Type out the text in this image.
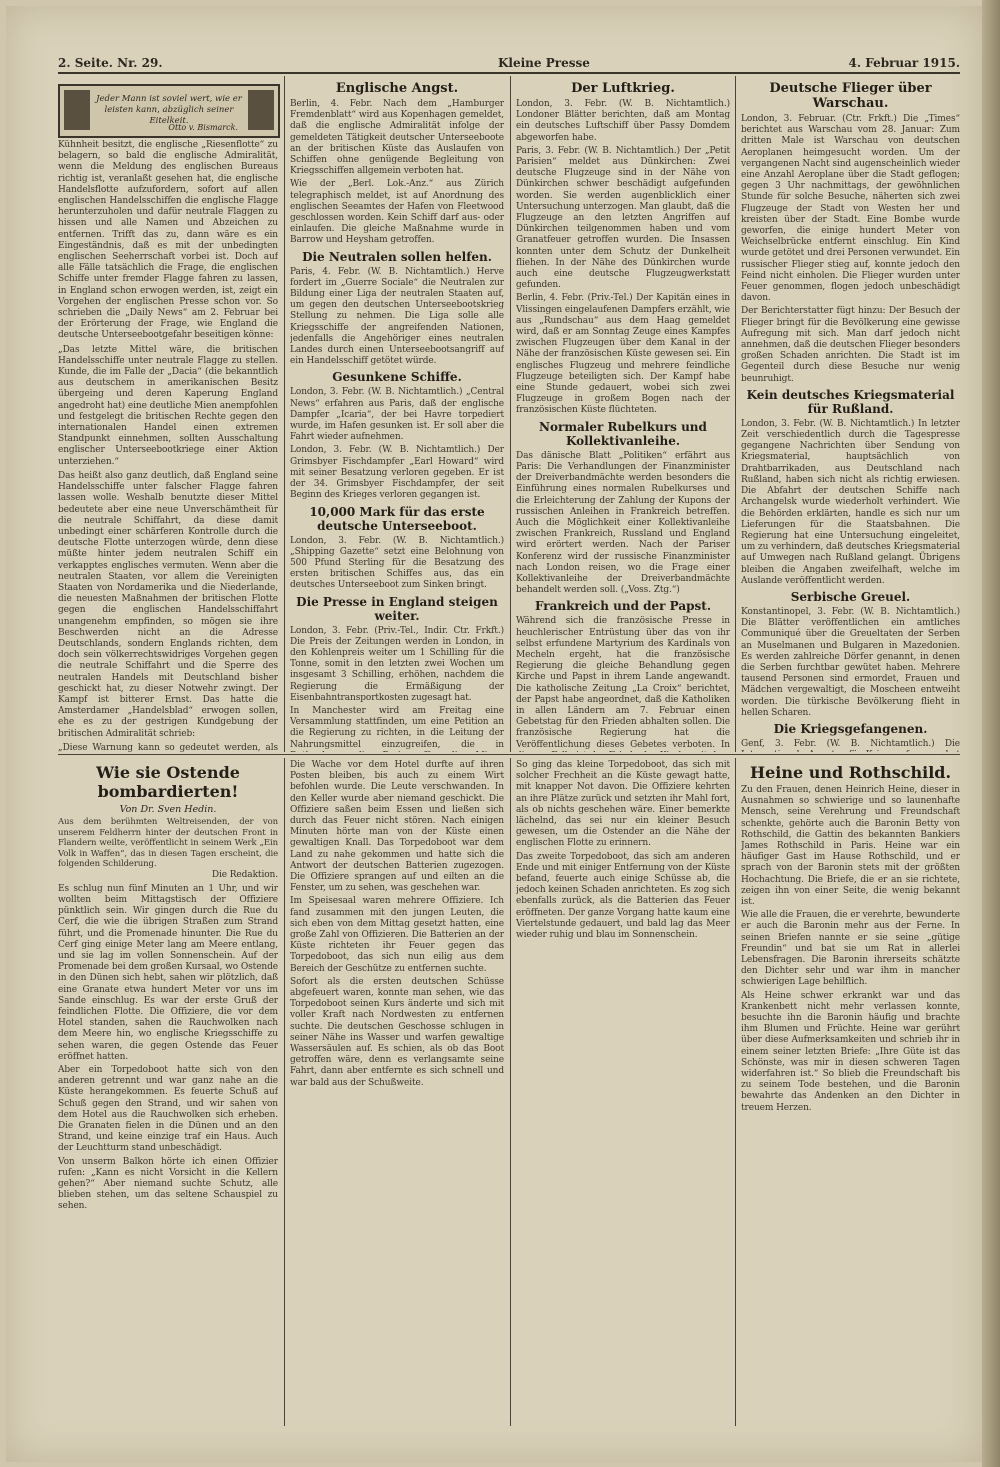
2. Seite. Nr. 29.	Kleine Presse	4. Februar 1915.
Jeder Mann ist soviel wert, wie er leisten kann, abzüglich seiner Eitelkeit.
Otto v. Bismarck.
Kühnheit besitzt, die englische „Riesenflotte“ zu belagern, so bald die englische Admiralität, wenn die Meldung des englischen Bureaus richtig ist, veranlaßt gesehen hat, die englische Handelsflotte aufzufordern, sofort auf allen englischen Handelsschiffen die englische Flagge herunterzuholen und dafür neutrale Flaggen zu hissen und alle Namen und Abzeichen zu entfernen. Trifft das zu, dann wäre es ein Eingeständnis, daß es mit der unbedingten englischen Seeherrschaft vorbei ist. Doch auf alle Fälle tatsächlich die Frage, die englischen Schiffe unter fremder Flagge fahren zu lassen, in England schon erwogen werden, ist, zeigt ein Vorgehen der englischen Presse schon vor. So schrieben die „Daily News“ am 2. Februar bei der Erörterung der Frage, wie England die deutsche Unterseebootgefahr beseitigen könne:
„Das letzte Mittel wäre, die britischen Handelsschiffe unter neutrale Flagge zu stellen. Kunde, die im Falle der „Dacia“ (die bekanntlich aus deutschem in amerikanischen Besitz übergeing und deren Kaperung England angedroht hat) eine deutliche Mien anempfohlen und festgelegt die britischen Rechte gegen den internationalen Handel einen extremen Standpunkt einnehmen, sollten Ausschaltung englischer Unterseebootkriege einer Aktion unterziehen.“
Das heißt also ganz deutlich, daß England seine Handelsschiffe unter falscher Flagge fahren lassen wolle. Weshalb benutzte dieser Mittel bedeutete aber eine neue Unverschämtheit für die neutrale Schiffahrt, da diese damit unbedingt einer schärferen Kontrolle durch die deutsche Flotte unterzogen würde, denn diese müßte hinter jedem neutralen Schiff ein verkapptes englisches vermuten. Wenn aber die neutralen Staaten, vor allem die Vereinigten Staaten von Nordamerika und die Niederlande, die neuesten Maßnahmen der britischen Flotte gegen die englischen Handelsschiffahrt unangenehm empfinden, so mögen sie ihre Beschwerden nicht an die Adresse Deutschlands, sondern Englands richten, dem doch sein völkerrechtswidriges Vorgehen gegen die neutrale Schiffahrt und die Sperre des neutralen Handels mit Deutschland bisher geschickt hat, zu dieser Notwehr zwingt. Der Kampf ist bitterer Ernst. Das hatte die Amsterdamer „Handelsblad“ erwogen sollen, ehe es zu der gestrigen Kundgebung der britischen Admiralität schrieb:
„Diese Warnung kann so gedeutet werden, als
Englische Angst.
Berlin, 4. Febr. Nach dem „Hamburger Fremdenblatt“ wird aus Kopenhagen gemeldet, daß die englische Admiralität infolge der gemeldeten Tätigkeit deutscher Unterseeboote an der britischen Küste das Auslaufen von Schiffen ohne genügende Begleitung von Kriegsschiffen allgemein verboten hat.
Wie der „Berl. Lok.-Anz.“ aus Zürich telegraphisch meldet, ist auf Anordnung des englischen Seeamtes der Hafen von Fleetwood geschlossen worden. Kein Schiff darf aus- oder einlaufen. Die gleiche Maßnahme wurde in Barrow und Heysham getroffen.
Die Neutralen sollen helfen.
Paris, 4. Febr. (W. B. Nichtamtlich.) Herve fordert im „Guerre Sociale“ die Neutralen zur Bildung einer Liga der neutralen Staaten auf, um gegen den deutschen Unterseebootskrieg Stellung zu nehmen. Die Liga solle alle Kriegsschiffe der angreifenden Nationen, jedenfalls die Angehöriger eines neutralen Landes durch einen Unterseebootsangriff auf ein Handelsschiff getötet würde.
Gesunkene Schiffe.
London, 3. Febr. (W. B. Nichtamtlich.) „Central News“ erfahren aus Paris, daß der englische Dampfer „Icaria“, der bei Havre torpediert wurde, im Hafen gesunken ist. Er soll aber die Fahrt wieder aufnehmen.
London, 3. Febr. (W. B. Nichtamtlich.) Der Grimsbyer Fischdampfer „Earl Howard“ wird mit seiner Besatzung verloren gegeben. Er ist der 34. Grimsbyer Fischdampfer, der seit Beginn des Krieges verloren gegangen ist.
10,000 Mark für das erste deutsche Unterseeboot.
London, 3. Febr. (W. B. Nichtamtlich.) „Shipping Gazette“ setzt eine Belohnung von 500 Pfund Sterling für die Besatzung des ersten britischen Schiffes aus, das ein deutsches Unterseeboot zum Sinken bringt.
Die Presse in England steigen weiter.
London, 3. Febr. (Priv.-Tel., Indir. Ctr. Frkft.) Die Preis der Zeitungen werden in London, in den Kohlenpreis weiter um 1 Schilling für die Tonne, somit in den letzten zwei Wochen um insgesamt 3 Schilling, erhöhen, nachdem die Regierung die Ermäßigung der Eisenbahntransportkosten zugesagt hat.
In Manchester wird am Freitag eine Versammlung stattfinden, um eine Petition an die Regierung zu richten, in die Leitung der Nahrungsmittel einzugreifen, die in
Der Luftkrieg.
London, 3. Febr. (W. B. Nichtamtlich.) Londoner Blätter berichten, daß am Montag ein deutsches Luftschiff über Passy Domdem abgeworfen habe.
Paris, 3. Febr. (W. B. Nichtamtlich.) Der „Petit Parisien“ meldet aus Dünkirchen: Zwei deutsche Flugzeuge sind in der Nähe von Dünkirchen schwer beschädigt aufgefunden worden. Sie werden augenblicklich einer Untersuchung unterzogen. Man glaubt, daß die Flugzeuge an den letzten Angriffen auf Dünkirchen teilgenommen haben und vom Granatfeuer getroffen wurden. Die Insassen konnten unter dem Schutz der Dunkelheit fliehen. In der Nähe des Dünkirchen wurde auch eine deutsche Flugzeugwerkstatt gefunden.
Berlin, 4. Febr. (Priv.-Tel.) Der Kapitän eines in Vlissingen eingelaufenen Dampfers erzählt, wie aus „Rundschau“ aus dem Haag gemeldet wird, daß er am Sonntag Zeuge eines Kampfes zwischen Flugzeugen über dem Kanal in der Nähe der französischen Küste gewesen sei. Ein englisches Flugzeug und mehrere feindliche Flugzeuge beteiligten sich. Der Kampf habe eine Stunde gedauert, wobei sich zwei Flugzeuge in großem Bogen nach der französischen Küste flüchteten.
Normaler Rubelkurs und Kollektivanleihe.
Das dänische Blatt „Politiken“ erfährt aus Paris: Die Verhandlungen der Finanzminister der Dreiverbandmächte werden besonders die Einführung eines normalen Rubelkurses und die Erleichterung der Zahlung der Kupons der russischen Anleihen in Frankreich betreffen. Auch die Möglichkeit einer Kollektivanleihe zwischen Frankreich, Russland und England wird erörtert werden. Nach der Pariser Konferenz wird der russische Finanzminister nach London reisen, wo die Frage einer Kollektivanleihe der Dreiverbandmächte behandelt werden soll. („Voss. Ztg.“)
Frankreich und der Papst.
Während sich die französische Presse in heuchlerischer Entrüstung über das von ihr selbst erfundene Martyrium des Kardinals von Mecheln ergeht, hat die französische Regierung die gleiche Behandlung gegen Kirche und Papst in ihrem Lande angewandt. Die katholische Zeitung „La Croix“ berichtet, der Papst habe angeordnet, daß die Katholiken in allen Ländern am 7. Februar einen Gebetstag für den Frieden abhalten sollen. Die französische Regierung hat die Veröffentlichung dieses Gebetes verboten. In
Deutsche Flieger über Warschau.
London, 3. Februar. (Ctr. Frkft.) Die „Times“ berichtet aus Warschau vom 28. Januar: Zum dritten Male ist Warschau von deutschen Aeroplanen heimgesucht worden. Um der vergangenen Nacht sind augenscheinlich wieder eine Anzahl Aeroplane über die Stadt geflogen; gegen 3 Uhr nachmittags, der gewöhnlichen Stunde für solche Besuche, näherten sich zwei Flugzeuge der Stadt von Westen her und kreisten über der Stadt. Eine Bombe wurde geworfen, die einige hundert Meter von Weichselbrücke entfernt einschlug. Ein Kind wurde getötet und drei Personen verwundet. Ein russischer Flieger stieg auf, konnte jedoch den Feind nicht einholen. Die Flieger wurden unter Feuer genommen, flogen jedoch unbeschädigt davon.
Der Berichterstatter fügt hinzu: Der Besuch der Flieger bringt für die Bevölkerung eine gewisse Aufregung mit sich. Man darf jedoch nicht annehmen, daß die deutschen Flieger besonders großen Schaden anrichten. Die Stadt ist im Gegenteil durch diese Besuche nur wenig beunruhigt.
Kein deutsches Kriegsmaterial für Rußland.
London, 3. Febr. (W. B. Nichtamtlich.) In letzter Zeit verschiedentlich durch die Tagespresse gegangene Nachrichten über Sendung von Kriegsmaterial, hauptsächlich von Drahtbarrikaden, aus Deutschland nach Rußland, haben sich nicht als richtig erwiesen. Die Abfahrt der deutschen Schiffe nach Archangelsk wurde wiederholt verhindert. Wie die Behörden erklärten, handle es sich nur um Lieferungen für die Staatsbahnen. Die Regierung hat eine Untersuchung eingeleitet, um zu verhindern, daß deutsches Kriegsmaterial auf Umwegen nach Rußland gelangt. Übrigens bleiben die Angaben zweifelhaft, welche im Auslande veröffentlicht werden.
Serbische Greuel.
Konstantinopel, 3. Febr. (W. B. Nichtamtlich.) Die Blätter veröffentlichen ein amtliches Communiqué über die Greueltaten der Serben an Muselmanen und Bulgaren in Mazedonien. Es werden zahlreiche Dörfer genannt, in denen die Serben furchtbar gewütet haben. Mehrere tausend Personen sind ermordet, Frauen und Mädchen vergewaltigt, die Moscheen entweiht worden. Die türkische Bevölkerung flieht in hellen Scharen.
Die Kriegsgefangenen.
Genf, 3. Febr. (W. B. Nichtamtlich.) Die
Wie sie Ostende bombardierten!
Von Dr. Sven Hedin.
Aus dem berühmten Weltreisenden, der von unserem Feldherrn hinter der deutschen Front in Flandern weilte, veröffentlicht in seinem Werk „Ein Volk in Waffen“, das in diesen Tagen erscheint, die folgenden Schilderung.
Die Redaktion.
Es schlug nun fünf Minuten an 1 Uhr, und wir wollten beim Mittagstisch der Offiziere pünktlich sein. Wir gingen durch die Rue du Cerf, die wie die übrigen Straßen zum Strand führt, und die Promenade hinunter. Die Rue du Cerf ging einige Meter lang am Meere entlang, und sie lag im vollen Sonnenschein. Auf der Promenade bei dem großen Kursaal, wo Ostende in den Dünen sich hebt, sahen wir plötzlich, daß eine Granate etwa hundert Meter vor uns im Sande einschlug. Es war der erste Gruß der feindlichen Flotte. Die Offiziere, die vor dem Hotel standen, sahen die Rauchwolken nach dem Meere hin, wo englische Kriegsschiffe zu sehen waren, die gegen Ostende das Feuer eröffnet hatten.
Aber ein Torpedoboot hatte sich von den anderen getrennt und war ganz nahe an die Küste herangekommen. Es feuerte Schuß auf Schuß gegen den Strand, und wir sahen von dem Hotel aus die Rauchwolken sich erheben. Die Granaten fielen in die Dünen und an den Strand, und keine einzige traf ein Haus. Auch der Leuchtturm stand unbeschädigt.
Von unserm Balkon hörte ich einen Offizier rufen: „Kann es nicht Vorsicht in die Kellern gehen?“ Aber niemand suchte Schutz, alle blieben stehen, um das seltene Schauspiel zu sehen.
Die Wache vor dem Hotel durfte auf ihren Posten bleiben, bis auch zu einem Wirt befohlen wurde. Die Leute verschwanden. In den Keller wurde aber niemand geschickt. Die Offiziere saßen beim Essen und ließen sich durch das Feuer nicht stören. Nach einigen Minuten hörte man von der Küste einen gewaltigen Knall. Das Torpedoboot war dem Land zu nahe gekommen und hatte sich die Antwort der deutschen Batterien zugezogen. Die Offiziere sprangen auf und eilten an die Fenster, um zu sehen, was geschehen war.
Im Speisesaal waren mehrere Offiziere. Ich fand zusammen mit den jungen Leuten, die sich eben von dem Mittag gesetzt hatten, eine große Zahl von Offizieren. Die Batterien an der Küste richteten ihr Feuer gegen das Torpedoboot, das sich nun eilig aus dem Bereich der Geschütze zu entfernen suchte.
Sofort als die ersten deutschen Schüsse abgefeuert waren, konnte man sehen, wie das Torpedoboot seinen Kurs änderte und sich mit voller Kraft nach Nordwesten zu entfernen suchte. Die deutschen Geschosse schlugen in seiner Nähe ins Wasser und warfen gewaltige Wassersäulen auf. Es schien, als ob das Boot getroffen wäre, denn es verlangsamte seine Fahrt, dann aber entfernte es sich schnell und war bald aus der Schußweite.
So ging das kleine Torpedoboot, das sich mit solcher Frechheit an die Küste gewagt hatte, mit knapper Not davon. Die Offiziere kehrten an ihre Plätze zurück und setzten ihr Mahl fort, als ob nichts geschehen wäre. Einer bemerkte lächelnd, das sei nur ein kleiner Besuch gewesen, um die Ostender an die Nähe der englischen Flotte zu erinnern.
Das zweite Torpedoboot, das sich am anderen Ende und mit einiger Entfernung von der Küste befand, feuerte auch einige Schüsse ab, die jedoch keinen Schaden anrichteten. Es zog sich ebenfalls zurück, als die Batterien das Feuer eröffneten. Der ganze Vorgang hatte kaum eine Viertelstunde gedauert, und bald lag das Meer wieder ruhig und blau im Sonnenschein.
Heine und Rothschild.
Zu den Frauen, denen Heinrich Heine, dieser in Ausnahmen so schwierige und so launenhafte Mensch, seine Verehrung und Freundschaft schenkte, gehörte auch die Baronin Betty von Rothschild, die Gattin des bekannten Bankiers James Rothschild in Paris. Heine war ein häufiger Gast im Hause Rothschild, und er sprach von der Baronin stets mit der größten Hochachtung. Die Briefe, die er an sie richtete, zeigen ihn von einer Seite, die wenig bekannt ist.
Wie alle die Frauen, die er verehrte, bewunderte er auch die Baronin mehr aus der Ferne. In seinen Briefen nannte er sie seine „gütige Freundin“ und bat sie um Rat in allerlei Lebensfragen. Die Baronin ihrerseits schätzte den Dichter sehr und war ihm in mancher schwierigen Lage behilflich.
Als Heine schwer erkrankt war und das Krankenbett nicht mehr verlassen konnte, besuchte ihn die Baronin häufig und brachte ihm Blumen und Früchte. Heine war gerührt über diese Aufmerksamkeiten und schrieb ihr in einem seiner letzten Briefe: „Ihre Güte ist das Schönste, was mir in diesen schweren Tagen widerfahren ist.“ So blieb die Freundschaft bis zu seinem Tode bestehen, und die Baronin bewahrte das Andenken an den Dichter in treuem Herzen.
